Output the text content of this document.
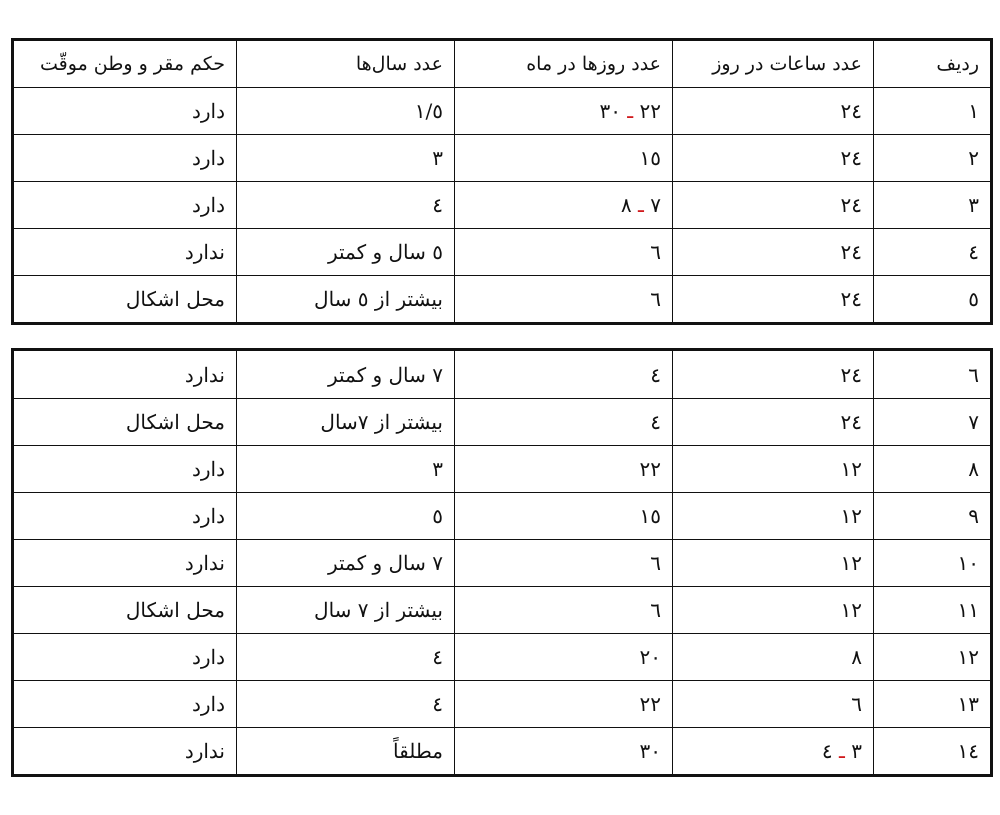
ردیف	عدد ساعات در روز	عدد روزها در ماه	عدد سال‌ها	حکم مقر و وطن موقّت
١	٢٤	٢٢ ـ ٣٠	١/٥	دارد
٢	٢٤	١٥	٣	دارد
٣	٢٤	٧ ـ ٨	٤	دارد
٤	٢٤	٦	٥ سال و کمتر	ندارد
٥	٢٤	٦	بیشتر از ٥ سال	محل اشکال
٦	٢٤	٤	٧ سال و کمتر	ندارد
٧	٢٤	٤	بیشتر از ٧سال	محل اشکال
٨	١٢	٢٢	٣	دارد
٩	١٢	١٥	٥	دارد
١٠	١٢	٦	٧ سال و کمتر	ندارد
١١	١٢	٦	بیشتر از ٧ سال	محل اشکال
١٢	٨	٢٠	٤	دارد
١٣	٦	٢٢	٤	دارد
١٤	٣ ـ ٤	٣٠	مطلقاً	ندارد
